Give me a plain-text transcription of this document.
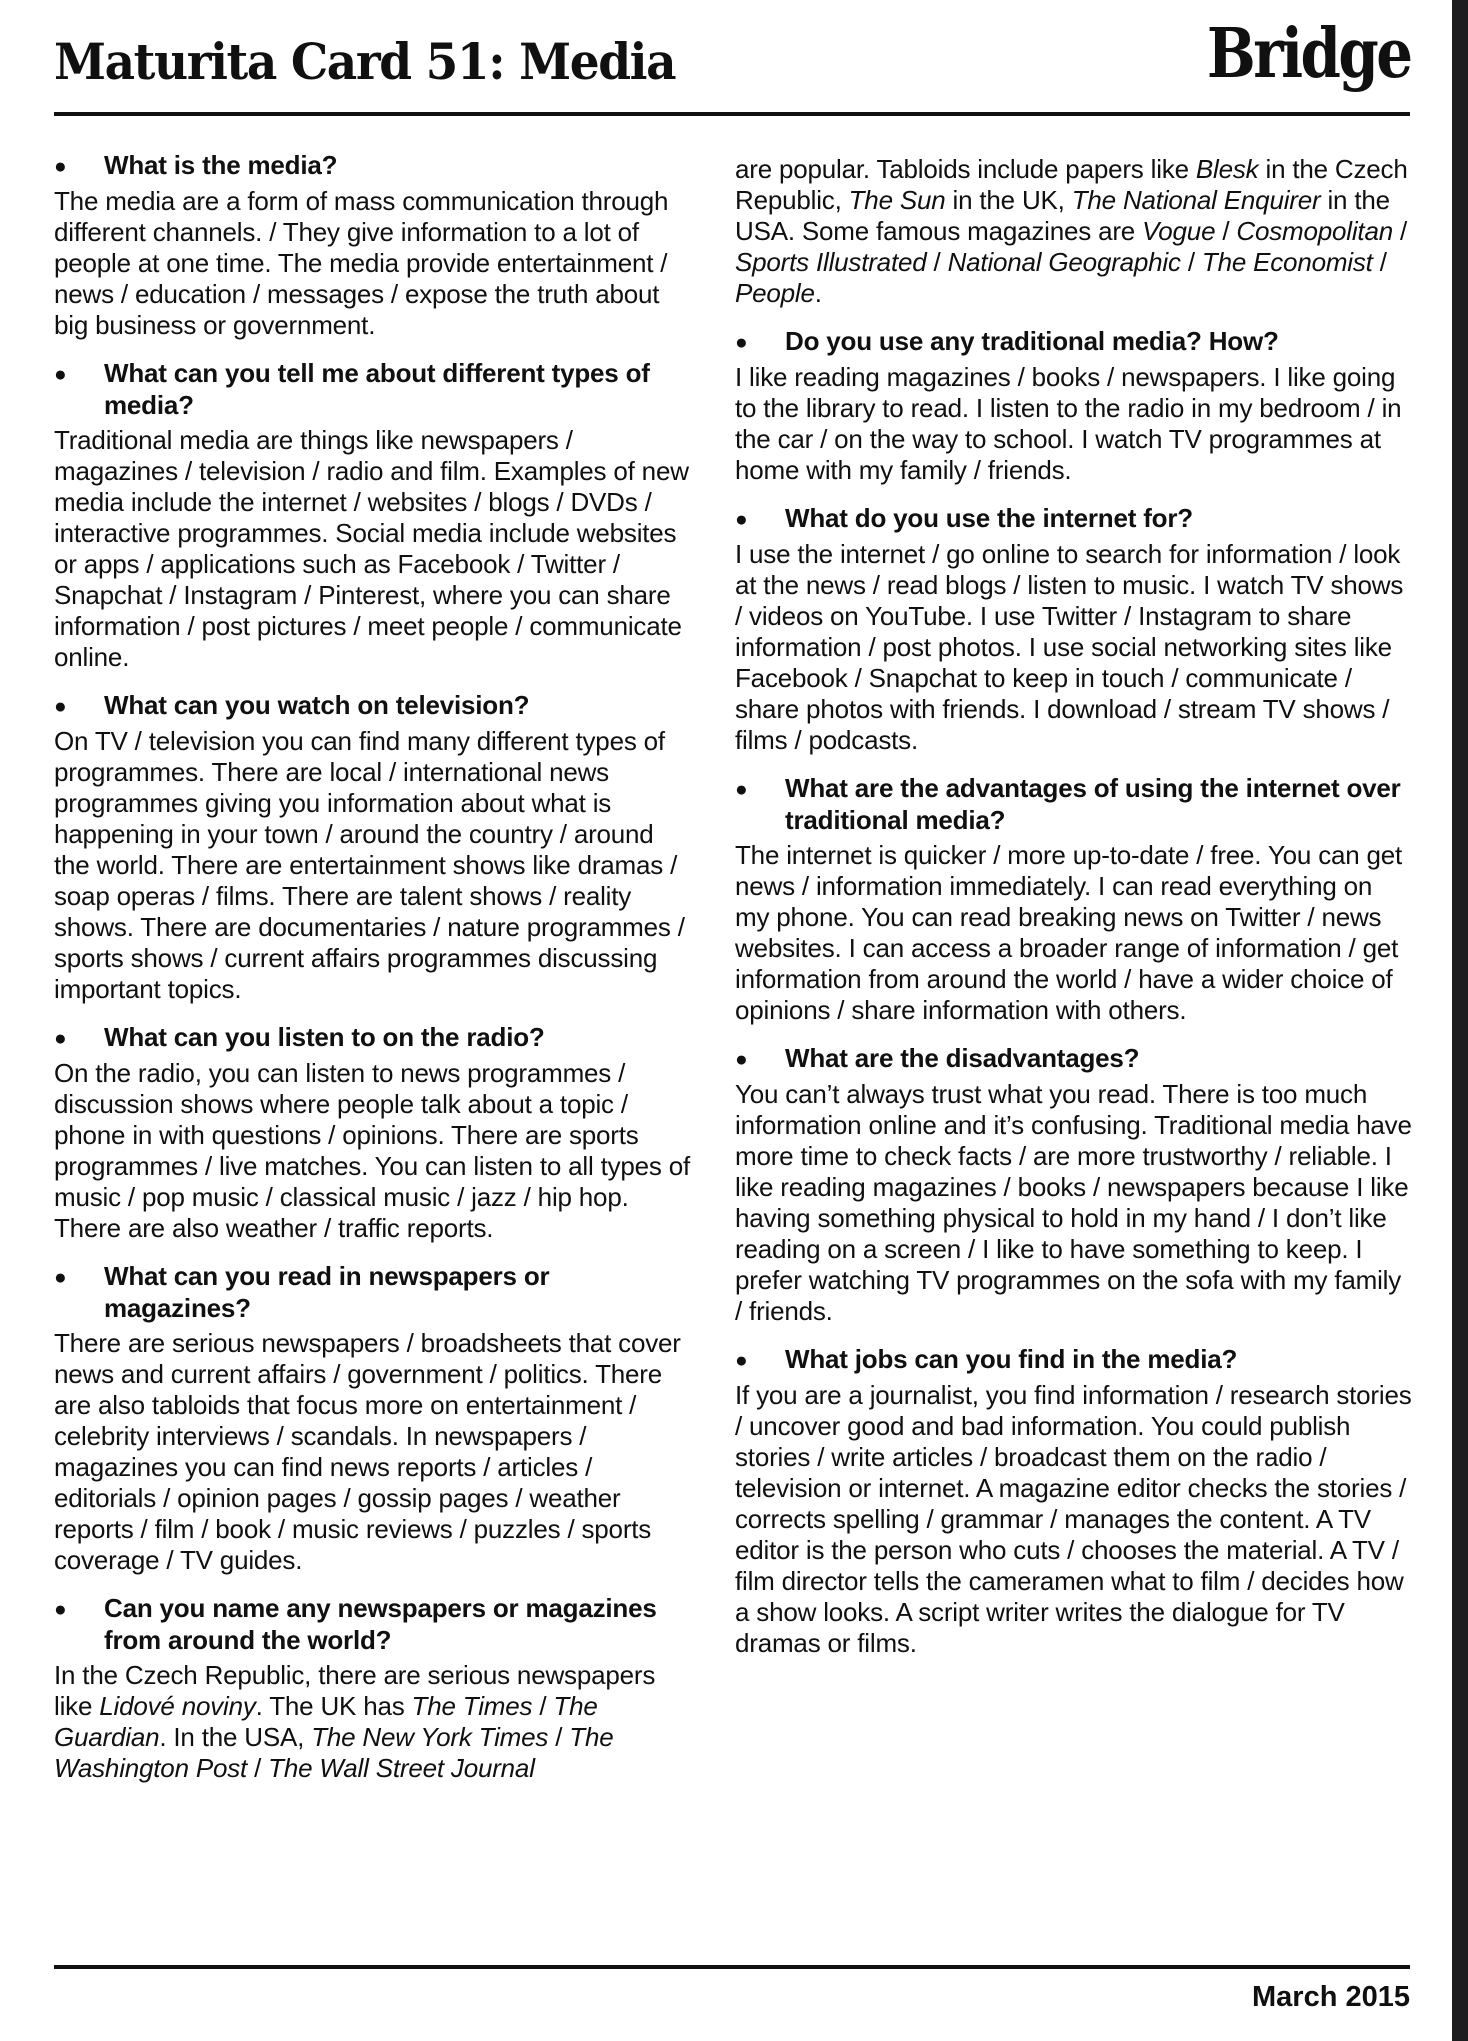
Maturita Card 51: Media	Bridge
● What is the media?

The media are a form of mass communication through different channels. / They give information to a lot of people at one time. The media provide entertainment / news / education / messages / expose the truth about big business or government.

● What can you tell me about different types of media?

Traditional media are things like newspapers / magazines / television / radio and film. Examples of new media include the internet / websites / blogs / DVDs / interactive programmes. Social media include websites or apps / applications such as Facebook / Twitter / Snapchat / Instagram / Pinterest, where you can share information / post pictures / meet people / communicate online.

● What can you watch on television?

On TV / television you can find many different types of programmes. There are local / international news programmes giving you information about what is happening in your town / around the country / around the world. There are entertainment shows like dramas / soap operas / films. There are talent shows / reality shows. There are documentaries / nature programmes / sports shows / current affairs programmes discussing important topics.

● What can you listen to on the radio?

On the radio, you can listen to news programmes / discussion shows where people talk about a topic / phone in with questions / opinions. There are sports programmes / live matches. You can listen to all types of music / pop music / classical music / jazz / hip hop. There are also weather / traffic reports.

● What can you read in newspapers or magazines?

There are serious newspapers / broadsheets that cover news and current affairs / government / politics. There are also tabloids that focus more on entertainment / celebrity interviews / scandals. In newspapers / magazines you can find news reports / articles / editorials / opinion pages / gossip pages / weather reports / film / book / music reviews / puzzles / sports coverage / TV guides.

● Can you name any newspapers or magazines from around the world?

In the Czech Republic, there are serious newspapers like Lidové noviny. The UK has The Times / The Guardian. In the USA, The New York Times / The Washington Post / The Wall Street Journal

are popular. Tabloids include papers like Blesk in the Czech Republic, The Sun in the UK, The National Enquirer in the USA. Some famous magazines are Vogue / Cosmopolitan / Sports Illustrated / National Geographic / The Economist / People.

● Do you use any traditional media? How?

I like reading magazines / books / newspapers. I like going to the library to read. I listen to the radio in my bedroom / in the car / on the way to school. I watch TV programmes at home with my family / friends.

● What do you use the internet for?

I use the internet / go online to search for information / look at the news / read blogs / listen to music. I watch TV shows / videos on YouTube. I use Twitter / Instagram to share information / post photos. I use social networking sites like Facebook / Snapchat to keep in touch / communicate / share photos with friends. I download / stream TV shows / films / podcasts.

● What are the advantages of using the internet over traditional media?

The internet is quicker / more up-to-date / free. You can get news / information immediately. I can read everything on my phone. You can read breaking news on Twitter / news websites. I can access a broader range of information / get information from around the world / have a wider choice of opinions / share information with others.

● What are the disadvantages?

You can’t always trust what you read. There is too much information online and it’s confusing. Traditional media have more time to check facts / are more trustworthy / reliable. I like reading magazines / books / newspapers because I like having something physical to hold in my hand / I don’t like reading on a screen / I like to have something to keep. I prefer watching TV programmes on the sofa with my family / friends.

● What jobs can you find in the media?

If you are a journalist, you find information / research stories / uncover good and bad information. You could publish stories / write articles / broadcast them on the radio / television or internet. A magazine editor checks the stories / corrects spelling / grammar / manages the content. A TV editor is the person who cuts / chooses the material. A TV / film director tells the cameramen what to film / decides how a show looks. A script writer writes the dialogue for TV dramas or films.

March 2015
